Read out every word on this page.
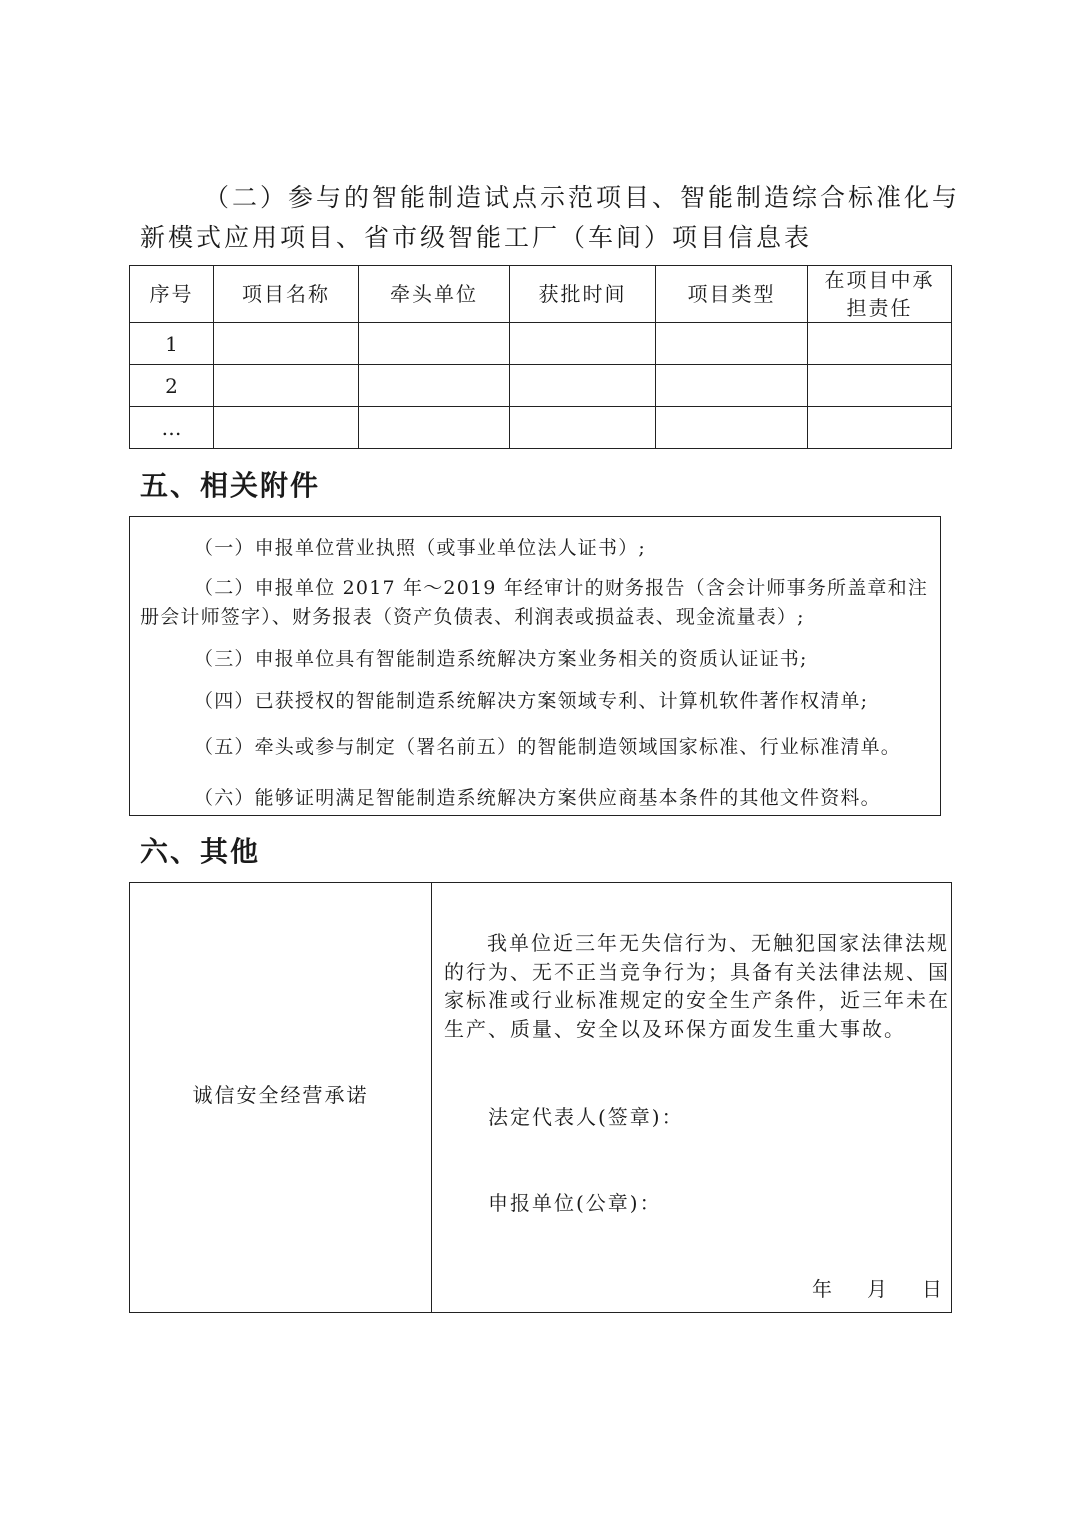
（二）参与的智能制造试点示范项目、智能制造综合标准化与
新模式应用项目、省市级智能工厂（车间）项目信息表

序号	项目名称	牵头单位	获批时间	项目类型	在项目中承
担责任
1					
2					
…					
五、相关附件

（一）申报单位营业执照（或事业单位法人证书）;

（二）申报单位 2017 年～2019 年经审计的财务报告（含会计师事务所盖章和注
册会计师签字）、财务报表（资产负债表、利润表或损益表、现金流量表）;

（三）申报单位具有智能制造系统解决方案业务相关的资质认证证书;

（四）已获授权的智能制造系统解决方案领域专利、计算机软件著作权清单;

（五）牵头或参与制定（署名前五）的智能制造领域国家标准、行业标准清单。

（六）能够证明满足智能制造系统解决方案供应商基本条件的其他文件资料。

六、其他
诚信安全经营承诺

我单位近三年无失信行为、无触犯国家法律法规
的行为、无不正当竞争行为；具备有关法律法规、国
家标准或行业标准规定的安全生产条件，近三年未在
生产、质量、安全以及环保方面发生重大事故。
法定代表人(签章)：
申报单位(公章)：
年 月 日
